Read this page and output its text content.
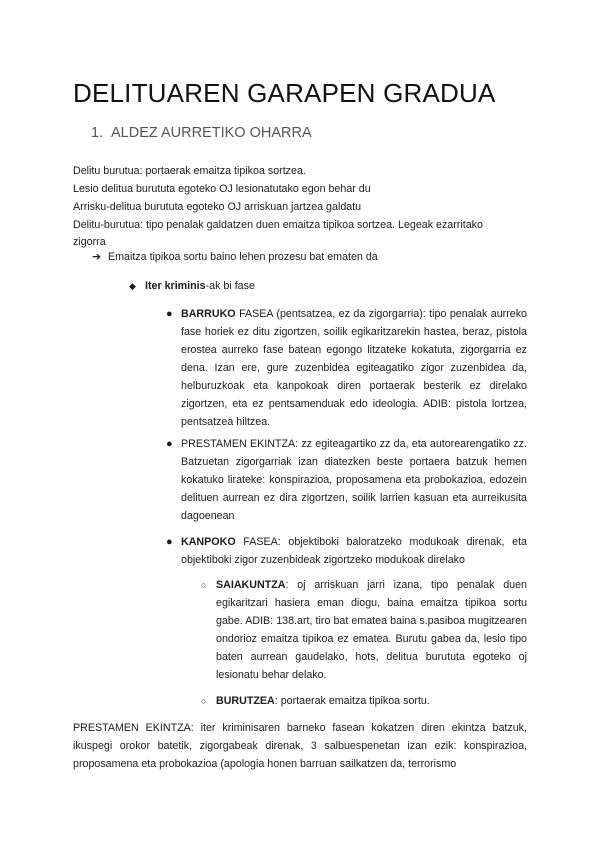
DELITUAREN GARAPEN GRADUA
1. ALDEZ AURRETIKO OHARRA
Delitu burutua: portaerak emaitza tipikoa sortzea.
Lesio delitua burututa egoteko OJ lesionatutako egon behar du
Arrisku-delitua burututa egoteko OJ arriskuan jartzea galdatu
Delitu-burutua: tipo penalak galdatzen duen emaitza tipikoa sortzea. Legeak ezarritako
zigorra
➔ Emaitza tipikoa sortu baino lehen prozesu bat ematen da
◆ Iter kriminis-ak bi fase
● BARRUKO FASEA (pentsatzea, ez da zigorgarria): tipo penalak aurreko fase horiek ez ditu zigortzen, soilik egikaritzarekin hastea, beraz, pistola erostea aurreko fase batean egongo litzateke kokatuta, zigorgarria ez dena. Izan ere, gure zuzenbidea egiteagatiko zigor zuzenbidea da, helburuzkoak eta kanpokoak diren portaerak besterik ez direlako zigortzen, eta ez pentsamenduak edo ideologia. ADIB: pistola lortzea, pentsatzea hiltzea.
● PRESTAMEN EKINTZA: zz egiteagartiko zz da, eta autorearengatiko zz. Batzuetan zigorgarriak izan diatezken beste portaera batzuk hemen kokatuko lirateke: konspirazioa, proposamena eta probokazioa, edozein delituen aurrean ez dira zigortzen, soilik larrien kasuan eta aurreikusita dagoenean
● KANPOKO FASEA: objektiboki baloratzeko modukoak direnak, eta objektiboki zigor zuzenbideak zigortzeko modukoak direlako
○ SAIAKUNTZA: oj arriskuan jarri izana, tipo penalak duen egikaritzari hasiera eman diogu, baina emaitza tipikoa sortu gabe. ADIB: 138.art, tiro bat ematea baina s.pasiboa mugitzearen ondorioz emaitza tipikoa ez ematea. Burutu gabea da, lesio tipo baten aurrean gaudelako, hots, delitua burututa egoteko oj lesionatu behar delako.
○ BURUTZEA: portaerak emaitza tipikoa sortu.
PRESTAMEN EKINTZA: iter kriminisaren barneko fasean kokatzen diren ekintza batzuk, ikuspegi orokor batetik, zigorgabeak direnak, 3 salbuespenetan izan ezik: konspirazioa, proposamena eta probokazioa (apologia honen barruan sailkatzen da, terrorismo
